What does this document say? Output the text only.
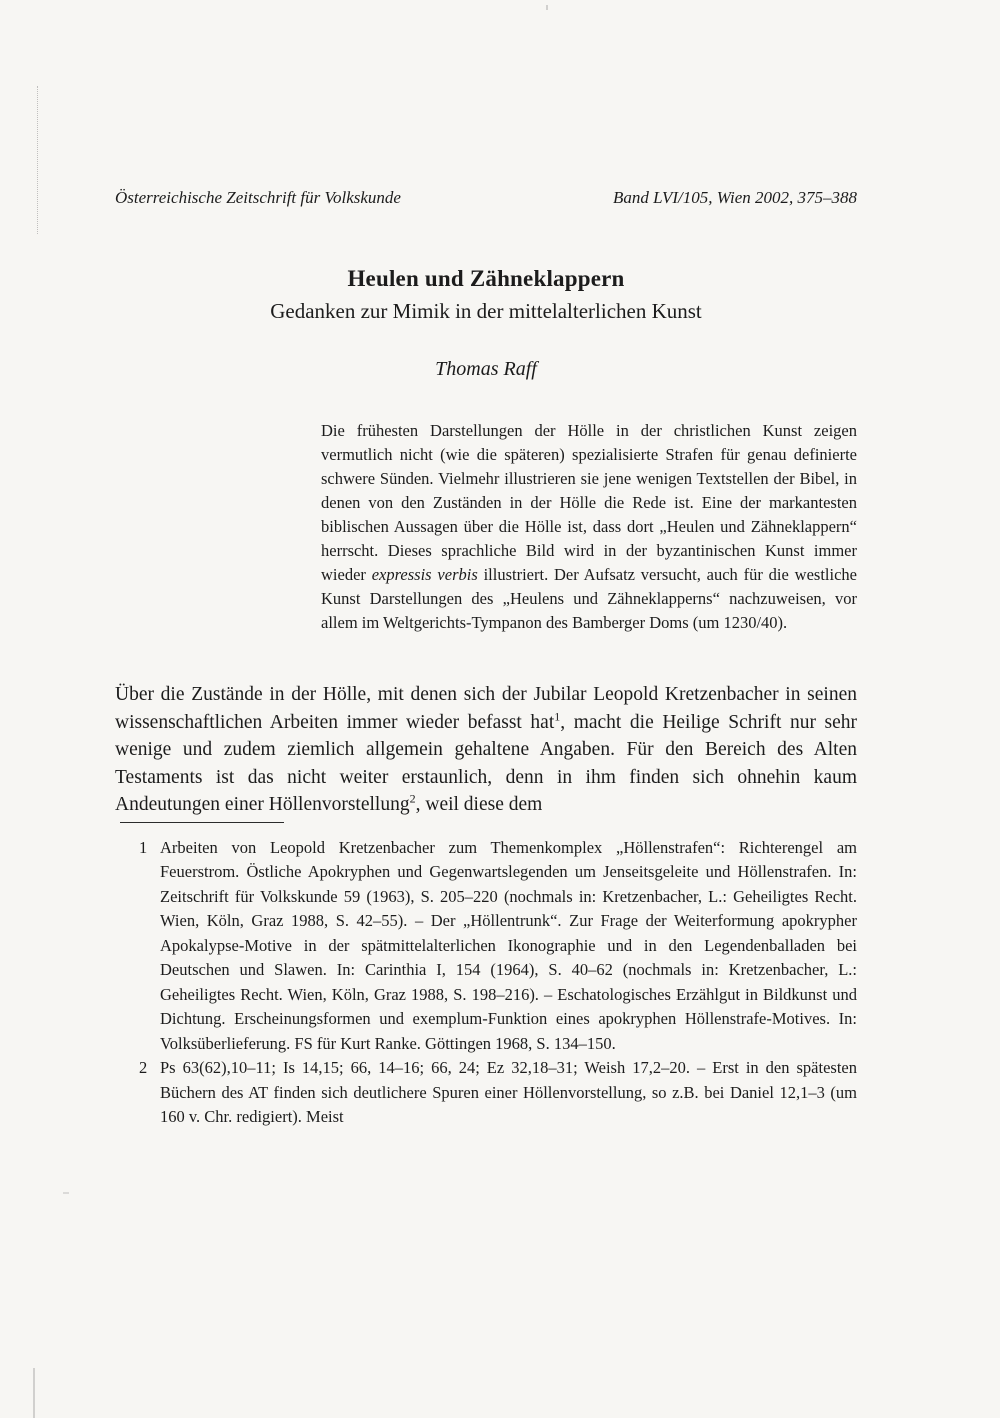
Österreichische Zeitschrift für Volkskunde	Band LVI/105, Wien 2002, 375–388
Heulen und Zähneklappern
Gedanken zur Mimik in der mittelalterlichen Kunst
Thomas Raff

Die frühesten Darstellungen der Hölle in der christlichen Kunst zeigen vermutlich nicht (wie die späteren) spezialisierte Strafen für genau definierte schwere Sünden. Vielmehr illustrieren sie jene wenigen Textstellen der Bibel, in denen von den Zuständen in der Hölle die Rede ist. Eine der markantesten biblischen Aussagen über die Hölle ist, dass dort „Heulen und Zähneklappern“ herrscht. Dieses sprachliche Bild wird in der byzantinischen Kunst immer wieder expressis verbis illustriert. Der Aufsatz versucht, auch für die westliche Kunst Darstellungen des „Heulens und Zähneklapperns“ nachzuweisen, vor allem im Weltgerichts-Tympanon des Bamberger Doms (um 1230/40).

Über die Zustände in der Hölle, mit denen sich der Jubilar Leopold Kretzenbacher in seinen wissenschaftlichen Arbeiten immer wieder befasst hat$^1$, macht die Heilige Schrift nur sehr wenige und zudem ziemlich allgemein gehaltene Angaben. Für den Bereich des Alten Testaments ist das nicht weiter erstaunlich, denn in ihm finden sich ohnehin kaum Andeutungen einer Höllenvorstellung$^2$, weil diese dem

1 Arbeiten von Leopold Kretzenbacher zum Themenkomplex „Höllenstrafen“: Richterengel am Feuerstrom. Östliche Apokryphen und Gegenwartslegenden um Jenseitsgeleite und Höllenstrafen. In: Zeitschrift für Volkskunde 59 (1963), S. 205–220 (nochmals in: Kretzenbacher, L.: Geheiligtes Recht. Wien, Köln, Graz 1988, S. 42–55). – Der „Höllentrunk“. Zur Frage der Weiterformung apokrypher Apokalypse-Motive in der spätmittelalterlichen Ikonographie und in den Legendenballaden bei Deutschen und Slawen. In: Carinthia I, 154 (1964), S. 40–62 (nochmals in: Kretzenbacher, L.: Geheiligtes Recht. Wien, Köln, Graz 1988, S. 198–216). – Eschatologisches Erzählgut in Bildkunst und Dichtung. Erscheinungsformen und exemplum-Funktion eines apokryphen Höllenstrafe-Motives. In: Volksüberlieferung. FS für Kurt Ranke. Göttingen 1968, S. 134–150.
2 Ps 63(62),10–11; Is 14,15; 66, 14–16; 66, 24; Ez 32,18–31; Weish 17,2–20. – Erst in den spätesten Büchern des AT finden sich deutlichere Spuren einer Höllenvorstellung, so z.B. bei Daniel 12,1–3 (um 160 v. Chr. redigiert). Meist
